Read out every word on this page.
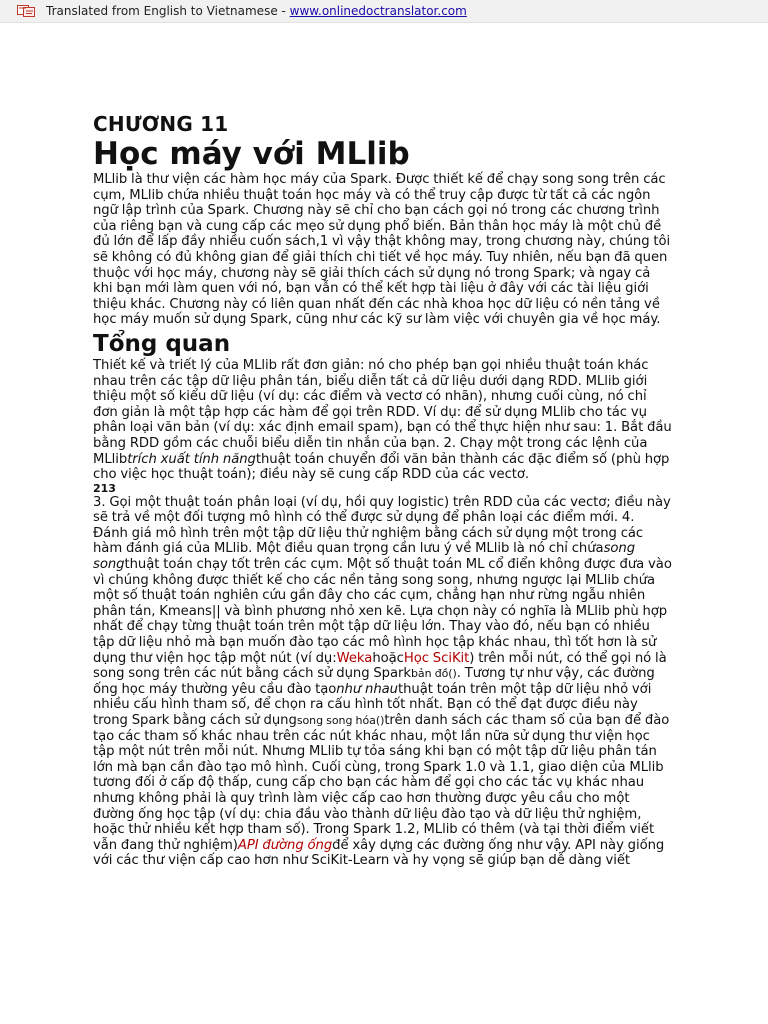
Translated from English to Vietnamese - www.onlinedoctranslator.com
CHƯƠNG 11
Học máy với MLlib

MLlib là thư viện các hàm học máy của Spark. Được thiết kế để chạy song song trên các cụm, MLlib chứa nhiều thuật toán học máy và có thể truy cập được từ tất cả các ngôn ngữ lập trình của Spark. Chương này sẽ chỉ cho bạn cách gọi nó trong các chương trình của riêng bạn và cung cấp các mẹo sử dụng phổ biến. Bản thân học máy là một chủ đề đủ lớn để lấp đầy nhiều cuốn sách,1 vì vậy thật không may, trong chương này, chúng tôi sẽ không có đủ không gian để giải thích chi tiết về học máy. Tuy nhiên, nếu bạn đã quen thuộc với học máy, chương này sẽ giải thích cách sử dụng nó trong Spark; và ngay cả khi bạn mới làm quen với nó, bạn vẫn có thể kết hợp tài liệu ở đây với các tài liệu giới thiệu khác. Chương này có liên quan nhất đến các nhà khoa học dữ liệu có nền tảng về học máy muốn sử dụng Spark, cũng như các kỹ sư làm việc với chuyên gia về học máy.

Tổng quan

Thiết kế và triết lý của MLlib rất đơn giản: nó cho phép bạn gọi nhiều thuật toán khác nhau trên các tập dữ liệu phân tán, biểu diễn tất cả dữ liệu dưới dạng RDD. MLlib giới thiệu một số kiểu dữ liệu (ví dụ: các điểm và vectơ có nhãn), nhưng cuối cùng, nó chỉ đơn giản là một tập hợp các hàm để gọi trên RDD. Ví dụ: để sử dụng MLlib cho tác vụ phân loại văn bản (ví dụ: xác định email spam), bạn có thể thực hiện như sau: 1. Bắt đầu bằng RDD gồm các chuỗi biểu diễn tin nhắn của bạn. 2. Chạy một trong các lệnh của MLlibtrích xuất tính năngthuật toán chuyển đổi văn bản thành các đặc điểm số (phù hợp cho việc học thuật toán); điều này sẽ cung cấp RDD của các vectơ.

213

3. Gọi một thuật toán phân loại (ví dụ, hồi quy logistic) trên RDD của các vectơ; điều này sẽ trả về một đối tượng mô hình có thể được sử dụng để phân loại các điểm mới. 4. Đánh giá mô hình trên một tập dữ liệu thử nghiệm bằng cách sử dụng một trong các hàm đánh giá của MLlib. Một điều quan trọng cần lưu ý về MLlib là nó chỉ chứasong songthuật toán chạy tốt trên các cụm. Một số thuật toán ML cổ điển không được đưa vào vì chúng không được thiết kế cho các nền tảng song song, nhưng ngược lại MLlib chứa một số thuật toán nghiên cứu gần đây cho các cụm, chẳng hạn như rừng ngẫu nhiên phân tán, Kmeans|| và bình phương nhỏ xen kẽ. Lựa chọn này có nghĩa là MLlib phù hợp nhất để chạy từng thuật toán trên một tập dữ liệu lớn. Thay vào đó, nếu bạn có nhiều tập dữ liệu nhỏ mà bạn muốn đào tạo các mô hình học tập khác nhau, thì tốt hơn là sử dụng thư viện học tập một nút (ví dụ:WekahoặcHọc SciKit) trên mỗi nút, có thể gọi nó là song song trên các nút bằng cách sử dụng Sparkbản đồ(). Tương tự như vậy, các đường ống học máy thường yêu cầu đào tạonhư nhauthuật toán trên một tập dữ liệu nhỏ với nhiều cấu hình tham số, để chọn ra cấu hình tốt nhất. Bạn có thể đạt được điều này trong Spark bằng cách sử dụngsong song hóa()trên danh sách các tham số của bạn để đào tạo các tham số khác nhau trên các nút khác nhau, một lần nữa sử dụng thư viện học tập một nút trên mỗi nút. Nhưng MLlib tự tỏa sáng khi bạn có một tập dữ liệu phân tán lớn mà bạn cần đào tạo mô hình. Cuối cùng, trong Spark 1.0 và 1.1, giao diện của MLlib tương đối ở cấp độ thấp, cung cấp cho bạn các hàm để gọi cho các tác vụ khác nhau nhưng không phải là quy trình làm việc cấp cao hơn thường được yêu cầu cho một đường ống học tập (ví dụ: chia đầu vào thành dữ liệu đào tạo và dữ liệu thử nghiệm, hoặc thử nhiều kết hợp tham số). Trong Spark 1.2, MLlib có thêm (và tại thời điểm viết vẫn đang thử nghiệm)API đường ốngđể xây dựng các đường ống như vậy. API này giống với các thư viện cấp cao hơn như SciKit-Learn và hy vọng sẽ giúp bạn dễ dàng viết
